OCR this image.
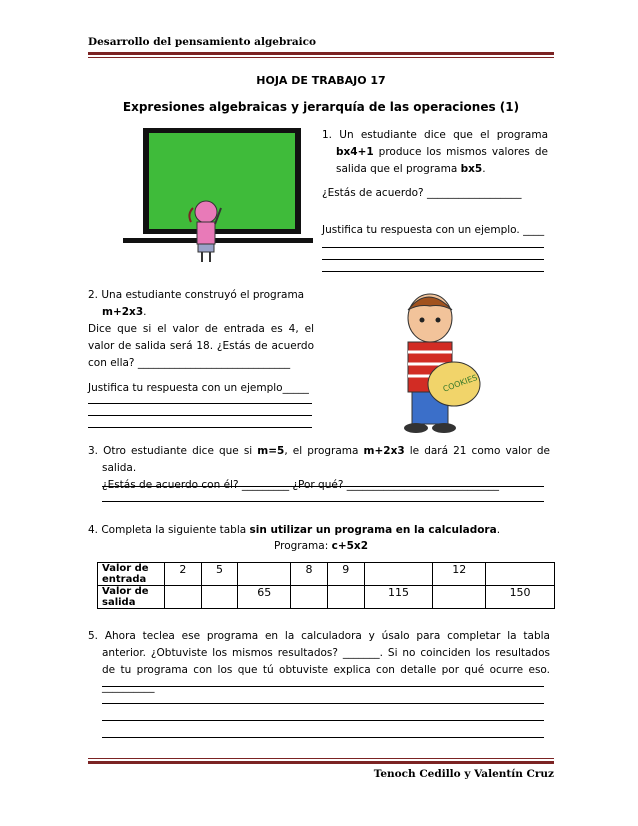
Desarrollo del pensamiento algebraico
HOJA DE TRABAJO 17
Expresiones algebraicas y jerarquía de las operaciones (1)
1. Un estudiante dice que el programa bx4+1 produce los mismos valores de salida que el programa bx5.
¿Estás de acuerdo? __________________
Justifica tu respuesta con un ejemplo. ____
2. Una estudiante construyó el programa
m+2x3.
Dice que si el valor de entrada es 4, el valor de salida será 18. ¿Estás de acuerdo con ella? _____________________________
Justifica tu respuesta con un ejemplo_____	COOKIES
3. Otro estudiante dice que si m=5, el programa m+2x3 le dará 21 como valor de salida.
¿Estás de acuerdo con él? _________ ¿Por qué? _____________________________
4. Completa la siguiente tabla sin utilizar un programa en la calculadora.
Programa: c+5x2
Valor de entrada	2	5		8	9		12	
Valor de salida			65			115		150
5. Ahora teclea ese programa en la calculadora y úsalo para completar la tabla anterior. ¿Obtuviste los mismos resultados? _______. Si no coinciden los resultados de tu programa con los que tú obtuviste explica con detalle por qué ocurre eso. __________
Tenoch Cedillo y Valentín Cruz
